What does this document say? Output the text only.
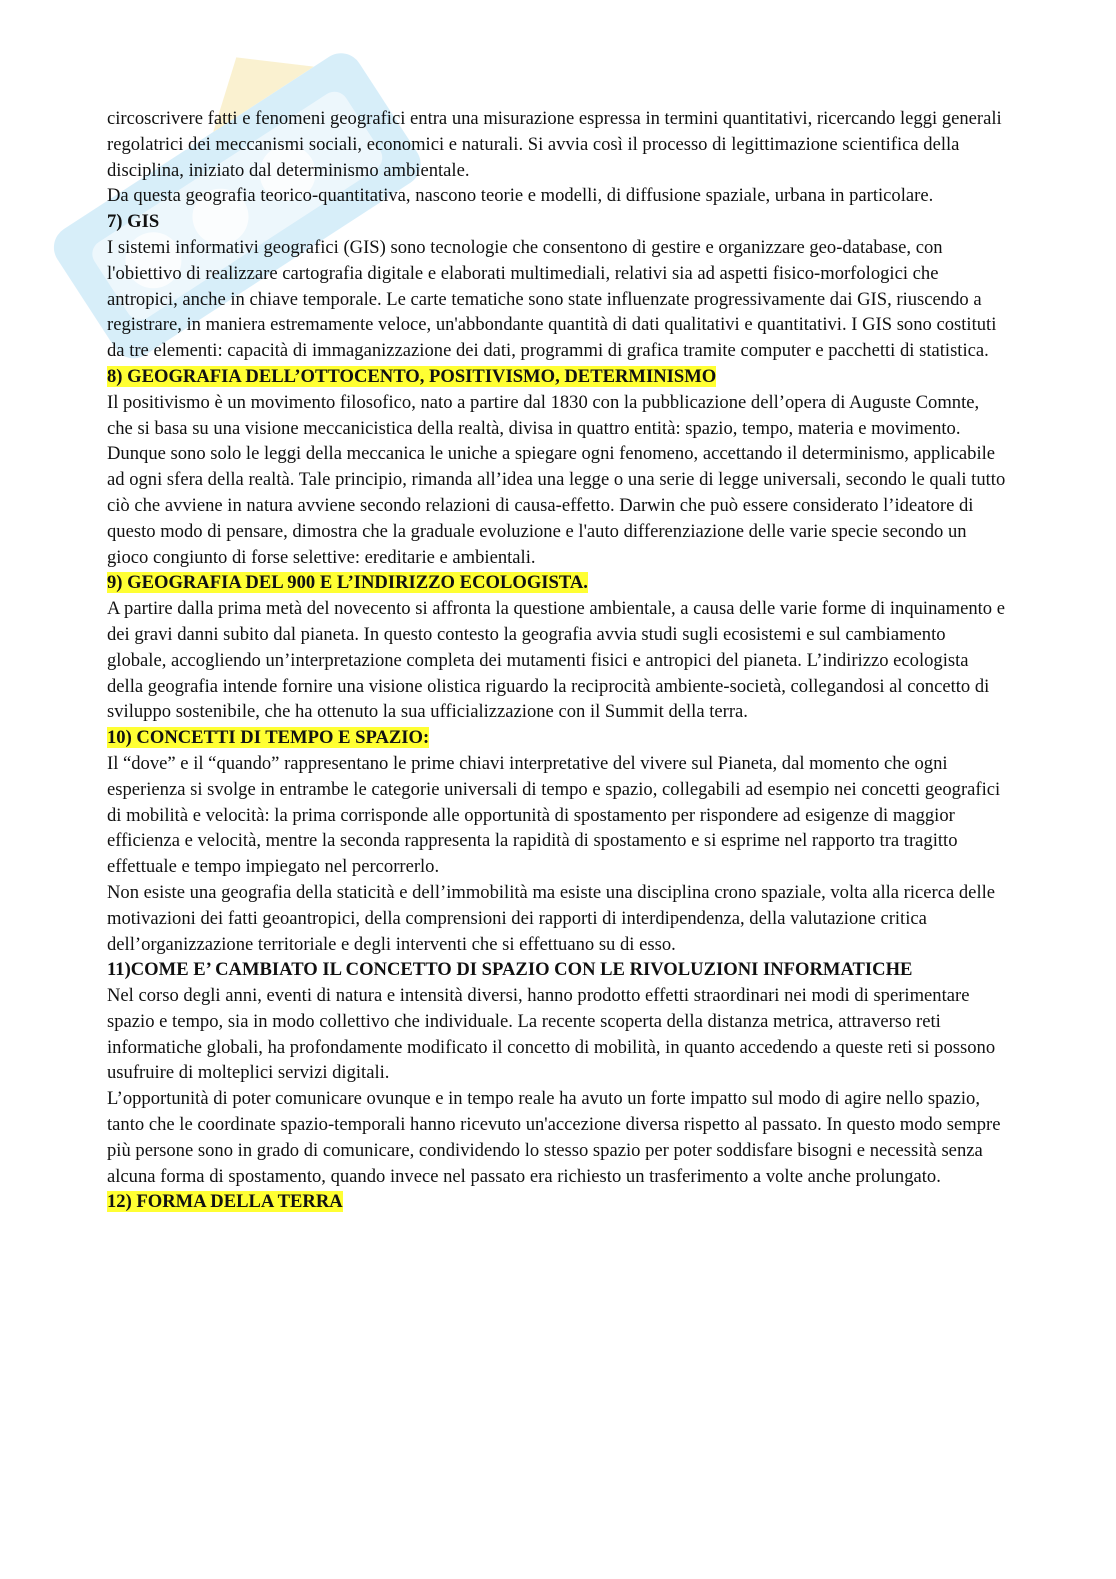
circoscrivere fatti e fenomeni geografici entra una misurazione espressa in termini quantitativi, ricercando leggi generali regolatrici dei meccanismi sociali, economici e naturali. Si avvia così il processo di legittimazione scientifica della disciplina, iniziato dal determinismo ambientale.

Da questa geografia teorico-quantitativa, nascono teorie e modelli, di diffusione spaziale, urbana in particolare.

7) GIS

I sistemi informativi geografici (GIS) sono tecnologie che consentono di gestire e organizzare geo-database, con l'obiettivo di realizzare cartografia digitale e elaborati multimediali, relativi sia ad aspetti fisico-morfologici che antropici, anche in chiave temporale. Le carte tematiche sono state influenzate progressivamente dai GIS, riuscendo a registrare, in maniera estremamente veloce, un'abbondante quantità di dati qualitativi e quantitativi. I GIS sono costituti da tre elementi: capacità di immaganizzazione dei dati, programmi di grafica tramite computer e pacchetti di statistica.

8) GEOGRAFIA DELL’OTTOCENTO, POSITIVISMO, DETERMINISMO

Il positivismo è un movimento filosofico, nato a partire dal 1830 con la pubblicazione dell’opera di Auguste Comnte, che si basa su una visione meccanicistica della realtà, divisa in quattro entità: spazio, tempo, materia e movimento. Dunque sono solo le leggi della meccanica le uniche a spiegare ogni fenomeno, accettando il determinismo, applicabile ad ogni sfera della realtà. Tale principio, rimanda all’idea una legge o una serie di legge universali, secondo le quali tutto ciò che avviene in natura avviene secondo relazioni di causa-effetto. Darwin che può essere considerato l’ideatore di questo modo di pensare, dimostra che la graduale evoluzione e l'auto differenziazione delle varie specie secondo un gioco congiunto di forse selettive: ereditarie e ambientali.

9) GEOGRAFIA DEL 900 E L’INDIRIZZO ECOLOGISTA.

A partire dalla prima metà del novecento si affronta la questione ambientale, a causa delle varie forme di inquinamento e dei gravi danni subito dal pianeta. In questo contesto la geografia avvia studi sugli ecosistemi e sul cambiamento globale, accogliendo un’interpretazione completa dei mutamenti fisici e antropici del pianeta. L’indirizzo ecologista della geografia intende fornire una visione olistica riguardo la reciprocità ambiente-società, collegandosi al concetto di sviluppo sostenibile, che ha ottenuto la sua ufficializzazione con il Summit della terra.

10) CONCETTI DI TEMPO E SPAZIO:

Il “dove” e il “quando” rappresentano le prime chiavi interpretative del vivere sul Pianeta, dal momento che ogni esperienza si svolge in entrambe le categorie universali di tempo e spazio, collegabili ad esempio nei concetti geografici di mobilità e velocità: la prima corrisponde alle opportunità di spostamento per rispondere ad esigenze di maggior efficienza e velocità, mentre la seconda rappresenta la rapidità di spostamento e si esprime nel rapporto tra tragitto effettuale e tempo impiegato nel percorrerlo.

Non esiste una geografia della staticità e dell’immobilità ma esiste una disciplina crono spaziale, volta alla ricerca delle motivazioni dei fatti geoantropici, della comprensioni dei rapporti di interdipendenza, della valutazione critica dell’organizzazione territoriale e degli interventi che si effettuano su di esso.

11)COME E’ CAMBIATO IL CONCETTO DI SPAZIO CON LE RIVOLUZIONI INFORMATICHE

Nel corso degli anni, eventi di natura e intensità diversi, hanno prodotto effetti straordinari nei modi di sperimentare spazio e tempo, sia in modo collettivo che individuale. La recente scoperta della distanza metrica, attraverso reti informatiche globali, ha profondamente modificato il concetto di mobilità, in quanto accedendo a queste reti si possono usufruire di molteplici servizi digitali.

L’opportunità di poter comunicare ovunque e in tempo reale ha avuto un forte impatto sul modo di agire nello spazio, tanto che le coordinate spazio-temporali hanno ricevuto un'accezione diversa rispetto al passato. In questo modo sempre più persone sono in grado di comunicare, condividendo lo stesso spazio per poter soddisfare bisogni e necessità senza alcuna forma di spostamento, quando invece nel passato era richiesto un trasferimento a volte anche prolungato.

12) FORMA DELLA TERRA
